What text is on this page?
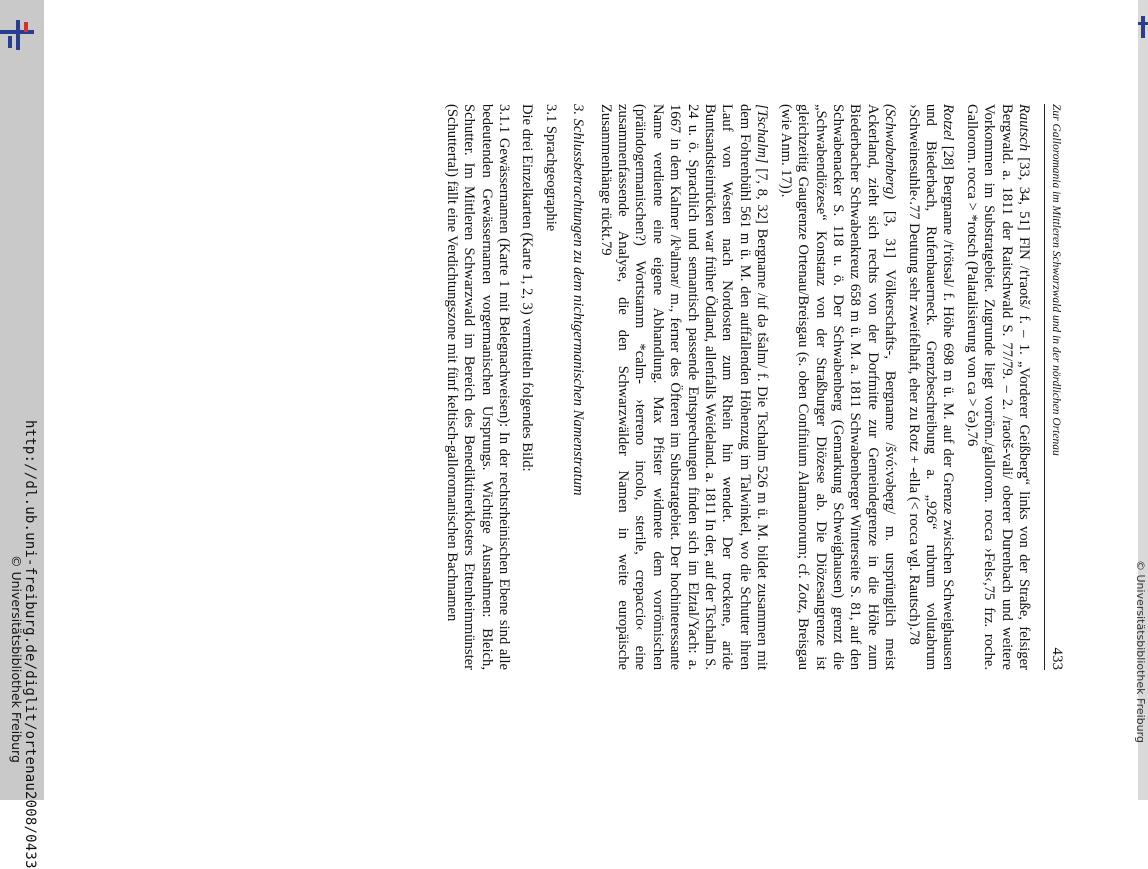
http://dl.ub.uni-freiburg.de/diglit/ortenau2008/0433
© Universitätsbibliothek Freiburg	© Universitätsbibliothek Freiburg
Zur Galloromania im Mittleren Schwarzwald und in der nördlichen Ortenau
433

Rautsch [33, 34, 51] FlN /t'raotš/ f. – 1. „Vorderer Geißberg“ links von der Straße, felsiger Bergwald. a. 1811 der Raitschwald S. 77/79. – 2. /raotš-vali/ oberer Durenbach und weitere Vorkommen im Substratgebiet. Zugrunde liegt vorröm./gallorom. rocca ›Fels‹,75 frz. roche. Gallorom. rocca > *rotsch (Palatalisierung von ca > čə).76

Rotzel [28] Bergname /t'rötsəl/ f. Höhe 698 m ü. M. auf der Grenze zwischen Schweighausen und Biederbach, Rufenbauerneck. Grenzbeschreibung a. „926“ rubrum volutabrum ›Schweinesuhle‹.77 Deutung sehr zweifelhaft, eher zu Rotz + -ella (< rocca vgl. Rautsch).78

(Schwabenberg) [3, 31] Völkerschafts-, Bergname /švó:vəbęrg/ m. ursprünglich meist Ackerland, zieht sich rechts von der Dorfmitte zur Gemeindegrenze in die Höhe zum Biederbacher Schwabenkreuz 658 m ü. M. a. 1811 Schwabenberger Winterseite S. 81, auf den Schwabenacker S. 118 u. ö. Der Schwabenberg (Gemarkung Schweighausen) grenzt die „Schwabendiözese“ Konstanz von der Straßburger Diözese ab. Die Diözesangrenze ist gleichzeitig Gaugrenze Ortenau/Breisgau (s. oben Confinium Alamannorum; cf. Zotz, Breisgau (wie Anm. 17)).

[Tschalm] [7, 8, 32] Bergname /uf də tšalm/ f. Die Tschalm 526 m ü. M. bildet zusammen mit dem Fohrenbühl 561 m ü. M. den auffallenden Höhenzug im Talwinkel, wo die Schutter ihren Lauf von Westen nach Nordosten zum Rhein hin wendet. Der trockene, aride Buntsandsteinrücken war früher Ödland, allenfalls Weideland. a. 1811 In der, auf der Tschalm S. 24 u. ö. Sprachlich und semantisch passende Entsprechungen finden sich im Elztal/Yach: a. 1667 in dem Kalmer /kʰalmər/ m., ferner des Öfteren im Substratgebiet. Der hochinteressante Name verdiente eine eigene Abhandlung. Max Pfister widmete dem vorrömischen (präindogermanischen?) Wortstamm *calm- ›terreno incolo, sterile, crepaccio‹ eine zusammenfassende Analyse, die den Schwarzwälder Namen in weite europäische Zusammenhänge rückt.79

3. Schlussbetrachtungen zu dem nichtgermanischen Namenstratum

3.1 Sprachgeographie

Die drei Einzelkarten (Karte 1, 2, 3) vermitteln folgendes Bild:

3.1.1 Gewässernamen (Karte 1 mit Belegnachweisen): In der rechtsrheinischen Ebene sind alle bedeutenden Gewässernamen vorgermanischen Ursprungs. Wichtige Ausnahmen: Bleich, Schutter. Im Mittleren Schwarzwald im Bereich des Benediktinerklosters Ettenheimmünster (Schuttertal) fällt eine Verdichtungszone mit fünf keltisch-galloromanischen Bachnamen
